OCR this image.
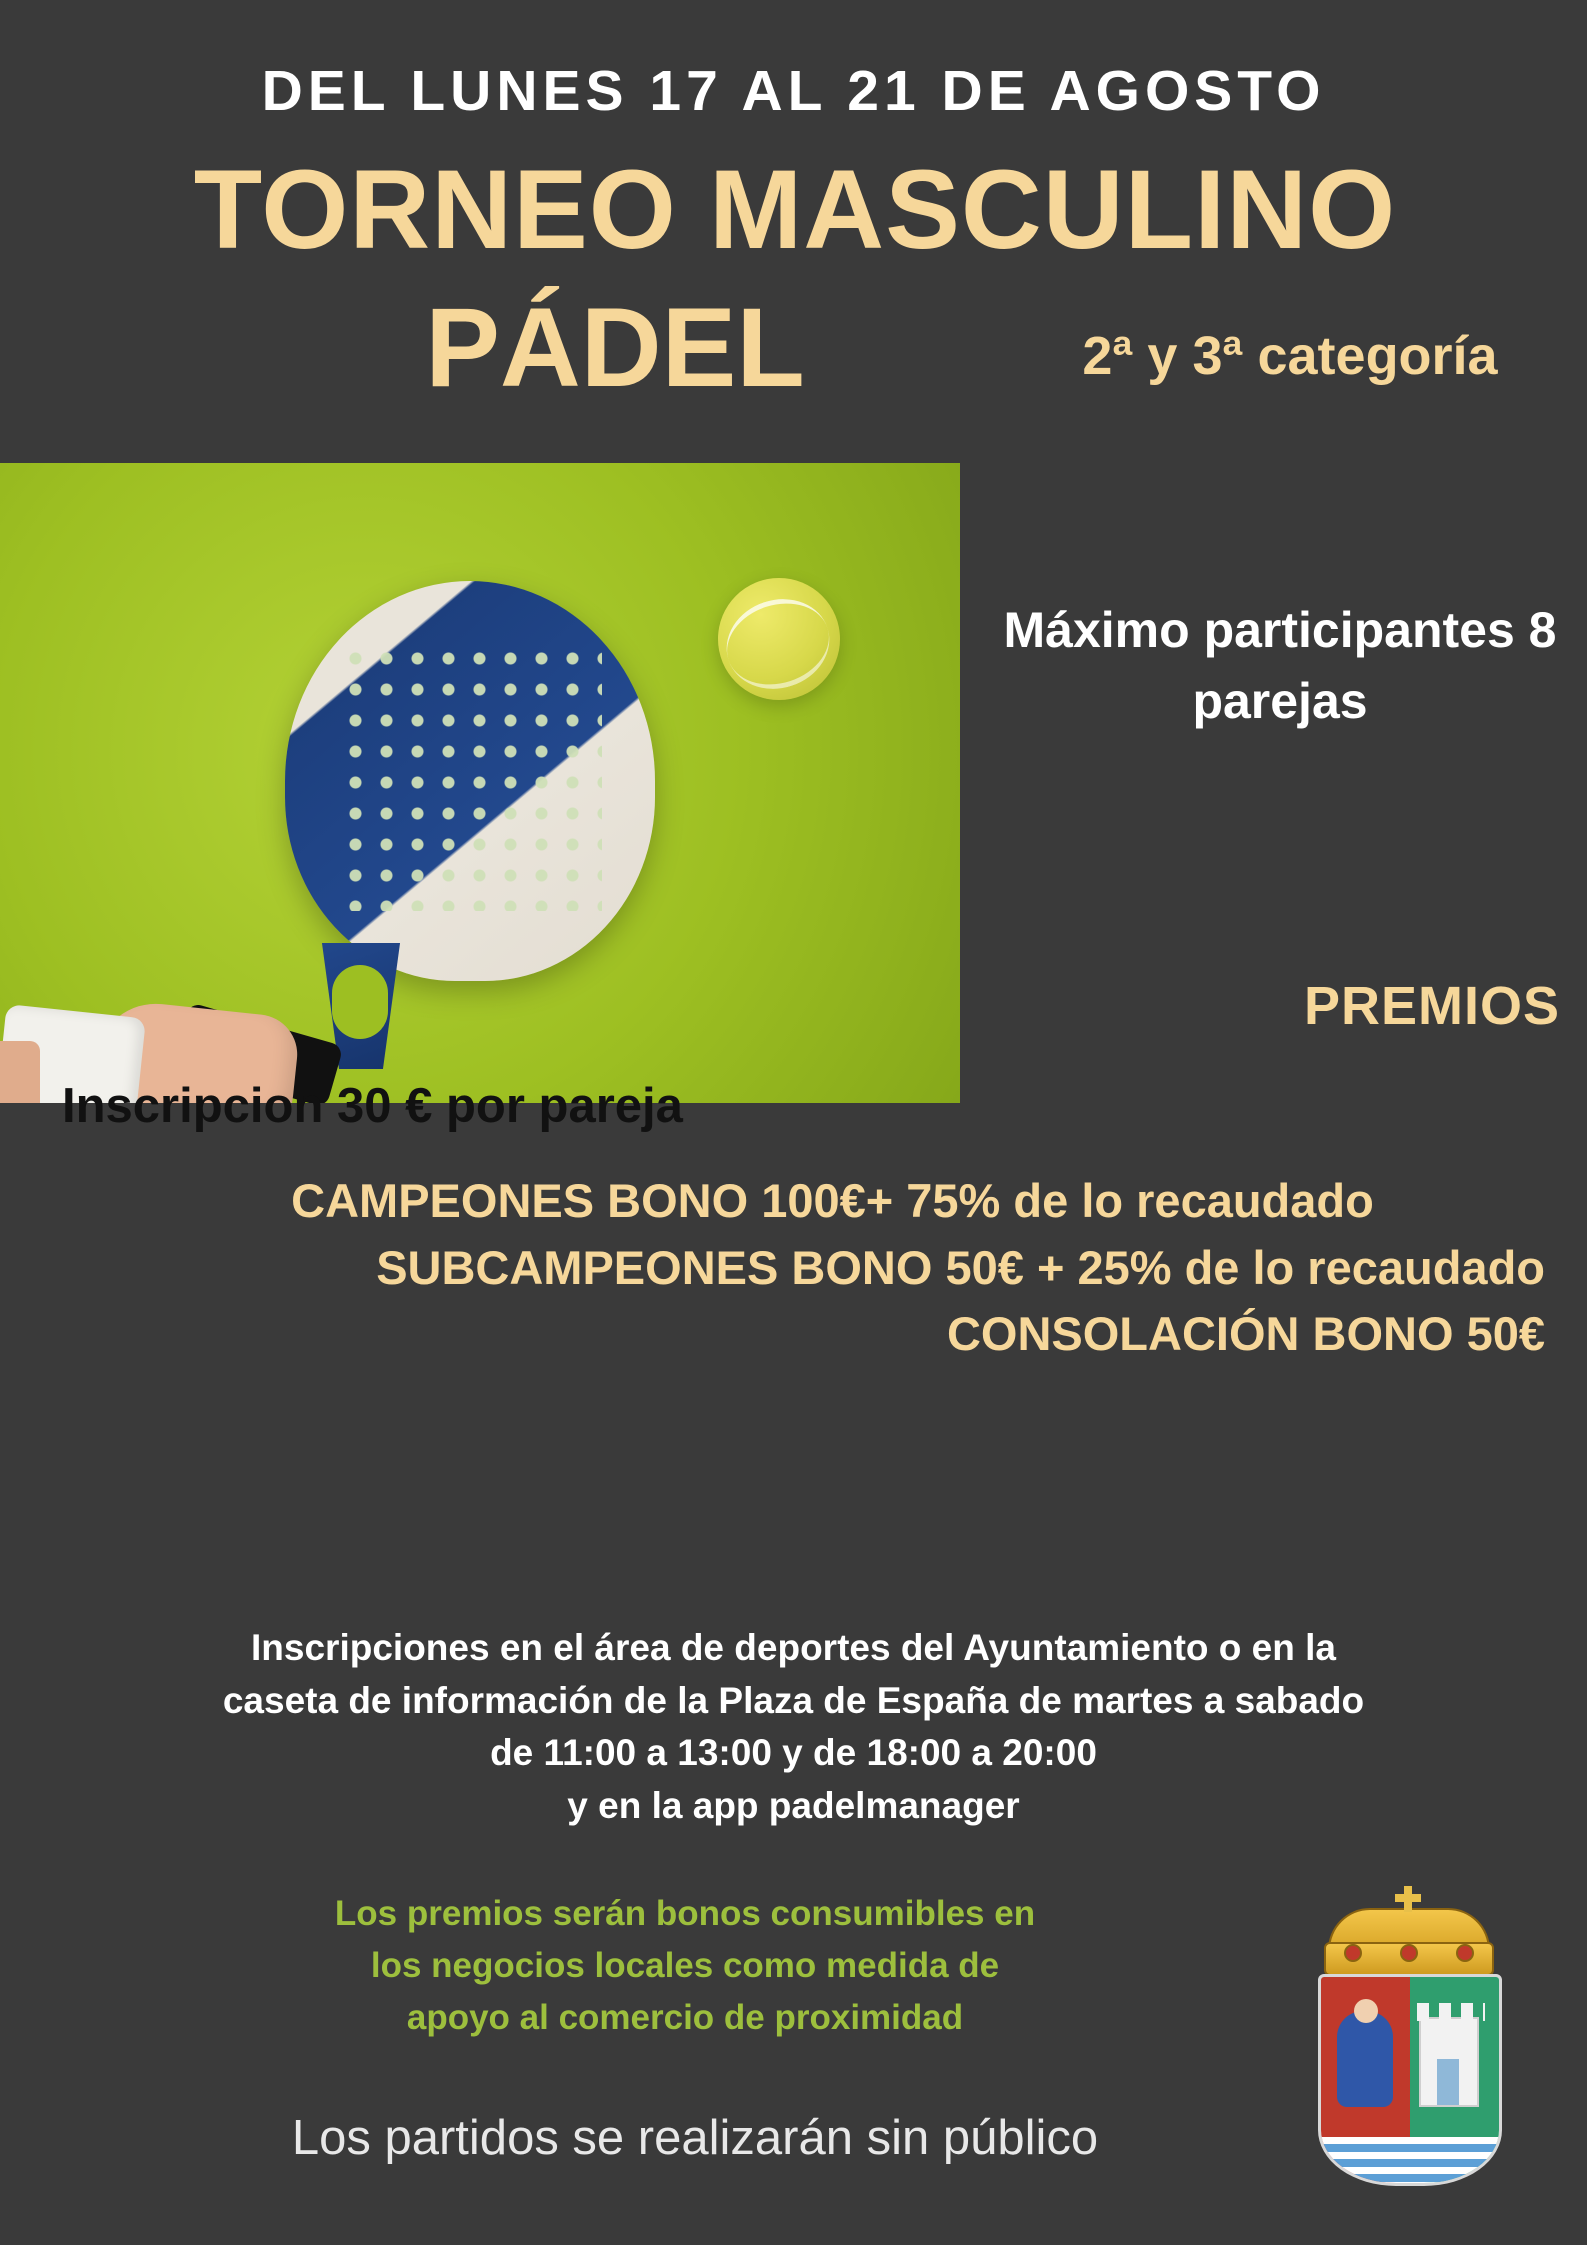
DEL LUNES 17 AL 21 DE AGOSTO
TORNEO MASCULINO
PÁDEL	2ª y 3ª categoría
Inscripcion 30 € por pareja
Máximo participantes 8 parejas
PREMIOS
CAMPEONES BONO 100€+ 75% de lo recaudado
SUBCAMPEONES BONO 50€ + 25% de lo recaudado
CONSOLACIÓN BONO 50€
Inscripciones en el área de deportes del Ayuntamiento o en la
caseta de información de la Plaza de España de martes a sabado
de 11:00 a 13:00 y de 18:00 a 20:00
y en la app padelmanager
Los premios serán bonos consumibles en
los negocios locales como medida de
apoyo al comercio de proximidad
Los partidos se realizarán sin público
